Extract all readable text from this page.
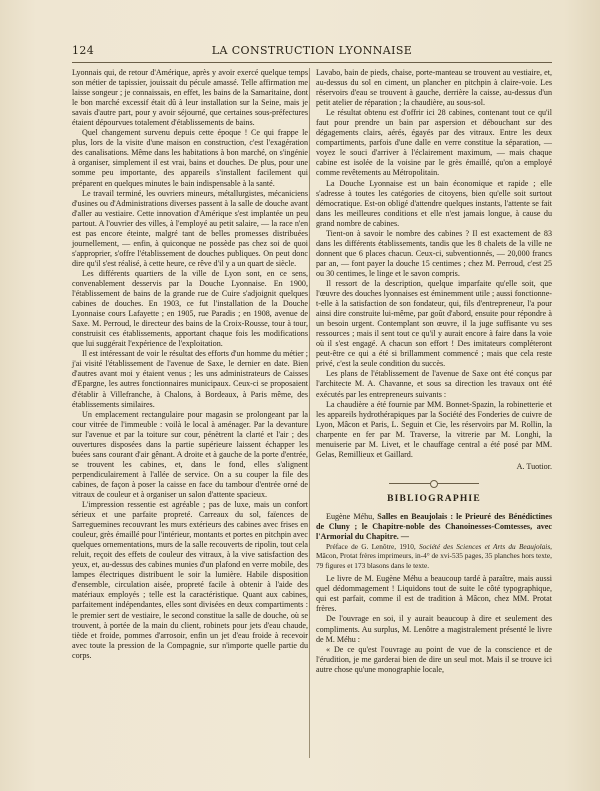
124	LA CONSTRUCTION LYONNAISE

Lyonnais qui, de retour d'Amérique, après y avoir exercé quelque temps son métier de tapissier, jouissait du pécule amassé. Telle affirmation me laisse songeur ; je connaissais, en effet, les bains de la Samaritaine, dont le bon marché excessif était dû à leur installation sur la Seine, mais je savais d'autre part, pour y avoir séjourné, que certaines sous-préfectures étaient dépourvues totalement d'établissements de bains.

Quel changement survenu depuis cette époque ! Ce qui frappe le plus, lors de la visite d'une maison en construction, c'est l'exagération des canalisations. Même dans les habitations à bon marché, on s'ingénie à organiser, simplement il est vrai, bains et douches. De plus, pour une somme peu importante, des appareils s'installent facilement qui préparent en quelques minutes le bain indispensable à la santé.

Le travail terminé, les ouvriers mineurs, métallurgistes, mécaniciens d'usines ou d'Administrations diverses passent à la salle de douche avant d'aller au vestiaire. Cette innovation d'Amérique s'est implantée un peu partout. A l'ouvrier des villes, à l'employé au petit salaire, — la race n'en est pas encore éteinte, malgré tant de belles promesses distribuées journellement, — enfin, à quiconque ne possède pas chez soi de quoi s'approprier, s'offre l'établissement de douches publiques. On peut donc dire qu'il s'est réalisé, à cette heure, ce rêve d'il y a un quart de siècle.

Les différents quartiers de la ville de Lyon sont, en ce sens, convenablement desservis par la Douche Lyonnaise. En 1900, l'établissement de bains de la grande rue de Cuire s'adjoignit quelques cabines de douches. En 1903, ce fut l'installation de la Douche Lyonnaise cours Lafayette ; en 1905, rue Paradis ; en 1908, avenue de Saxe. M. Perroud, le directeur des bains de la Croix-Rousse, tour à tour, construisit ces établissements, apportant chaque fois les modifications que lui suggérait l'expérience de l'exploitation.

Il est intéressant de voir le résultat des efforts d'un homme du métier ; j'ai visité l'établissement de l'avenue de Saxe, le dernier en date. Bien d'autres avant moi y étaient venus ; les uns administrateurs de Caisses d'Epargne, les autres fonctionnaires municipaux. Ceux-ci se proposaient d'établir à Villefranche, à Chalons, à Bordeaux, à Paris même, des établissements similaires.

Un emplacement rectangulaire pour magasin se prolongeant par la cour vitrée de l'immeuble : voilà le local à aménager. Par la devanture sur l'avenue et par la toiture sur cour, pénètrent la clarté et l'air ; des ouvertures disposées dans la partie supérieure laissent échapper les buées sans courant d'air gênant. A droite et à gauche de la porte d'entrée, se trouvent les cabines, et, dans le fond, elles s'alignent perpendiculairement à l'allée de service. On a su couper la file des cabines, de façon à poser la caisse en face du tambour d'entrée orné de vitraux de couleur et à organiser un salon d'attente spacieux.

L'impression ressentie est agréable ; pas de luxe, mais un confort sérieux et une parfaite propreté. Carreaux du sol, faïences de Sarreguemines recouvrant les murs extérieurs des cabines avec frises en couleur, grès émaillé pour l'intérieur, montants et portes en pitchpin avec quelques ornementations, murs de la salle recouverts de ripolin, tout cela reluit, reçoit des effets de couleur des vitraux, à la vive satisfaction des yeux, et, au-dessus des cabines munies d'un plafond en verre mobile, des lampes électriques distribuent le soir la lumière. Habile disposition d'ensemble, circulation aisée, propreté facile à obtenir à l'aide des matériaux employés ; telle est la caractéristique. Quant aux cabines, parfaitement indépendantes, elles sont divisées en deux compartiments : le premier sert de vestiaire, le second constitue la salle de douche, où se trouvent, à portée de la main du client, robinets pour jets d'eau chaude, tiède et froide, pommes d'arrosoir, enfin un jet d'eau froide à recevoir avec toute la pression de la Compagnie, sur n'importe quelle partie du corps.

Lavabo, bain de pieds, chaise, porte-manteau se trouvent au vestiaire, et, au-dessus du sol en ciment, un plancher en pitchpin à claire-voie. Les réservoirs d'eau se trouvent à gauche, derrière la caisse, au-dessus d'un petit atelier de réparation ; la chaudière, au sous-sol.

Le résultat obtenu est d'offrir ici 28 cabines, contenant tout ce qu'il faut pour prendre un bain par aspersion et débouchant sur des dégagements clairs, aérés, égayés par des vitraux. Entre les deux compartiments, parfois d'une dalle en verre constitue la séparation, — voyez le souci d'arriver à l'éclairement maximum, — mais chaque cabine est isolée de la voisine par le grès émaillé, qu'on a employé comme revêtements au Métropolitain.

La Douche Lyonnaise est un bain économique et rapide ; elle s'adresse à toutes les catégories de citoyens, bien qu'elle soit surtout démocratique. Est-on obligé d'attendre quelques instants, l'attente se fait dans les meilleures conditions et elle n'est jamais longue, à cause du grand nombre de cabines.

Tient-on à savoir le nombre des cabines ? Il est exactement de 83 dans les différents établissements, tandis que les 8 chalets de la ville ne donnent que 6 places chacun. Ceux-ci, subventionnés, — 20,000 francs par an, — font payer la douche 15 centimes ; chez M. Perroud, c'est 25 ou 30 centimes, le linge et le savon compris.

Il ressort de la description, quelque imparfaite qu'elle soit, que l'œuvre des douches lyonnaises est éminemment utile ; aussi fonctionne-t-elle à la satisfaction de son fondateur, qui, fils d'entrepreneur, l'a pour ainsi dire construite lui-même, par goût d'abord, ensuite pour répondre à un besoin urgent. Contemplant son œuvre, il la juge suffisante vu ses ressources ; mais il sent tout ce qu'il y aurait encore à faire dans la voie où il s'est engagé. A chacun son effort ! Des imitateurs compléteront peut-être ce qui a été si brillamment commencé ; mais que cela reste privé, c'est la seule condition du succès.

Les plans de l'établissement de l'avenue de Saxe ont été conçus par l'architecte M. A. Chavanne, et sous sa direction les travaux ont été exécutés par les entrepreneurs suivants :

La chaudière a été fournie par MM. Bonnet-Spazin, la robinetterie et les appareils hydrothérapiques par la Société des Fonderies de cuivre de Lyon, Mâcon et Paris, L. Seguin et Cie, les réservoirs par M. Rollin, la charpente en fer par M. Traverse, la vitrerie par M. Longhi, la menuiserie par M. Livet, et le chauffage central a été posé par MM. Gelas, Remillieux et Gaillard.

A. Tuotior.

BIBLIOGRAPHIE

Eugène Méhu, Salles en Beaujolais : le Prieuré des Bénédictines de Cluny ; le Chapitre-noble des Chanoinesses-Comtesses, avec l'Armorial du Chapitre. —

Préface de G. Lenôtre, 1910, Société des Sciences et Arts du Beaujolais, Mâcon, Protat frères imprimeurs, in-4° de xvi-535 pages, 35 planches hors texte, 79 figures et 173 blasons dans le texte.

Le livre de M. Eugène Méhu a beaucoup tardé à paraître, mais aussi quel dédommagement ! Liquidons tout de suite le côté typographique, qui est parfait, comme il est de tradition à Mâcon, chez MM. Protat frères.

De l'ouvrage en soi, il y aurait beaucoup à dire et seulement des compliments. Au surplus, M. Lenôtre a magistralement présenté le livre de M. Méhu :

« De ce qu'est l'ouvrage au point de vue de la conscience et de l'érudition, je me garderai bien de dire un seul mot. Mais il se trouve ici autre chose qu'une monographie locale,
